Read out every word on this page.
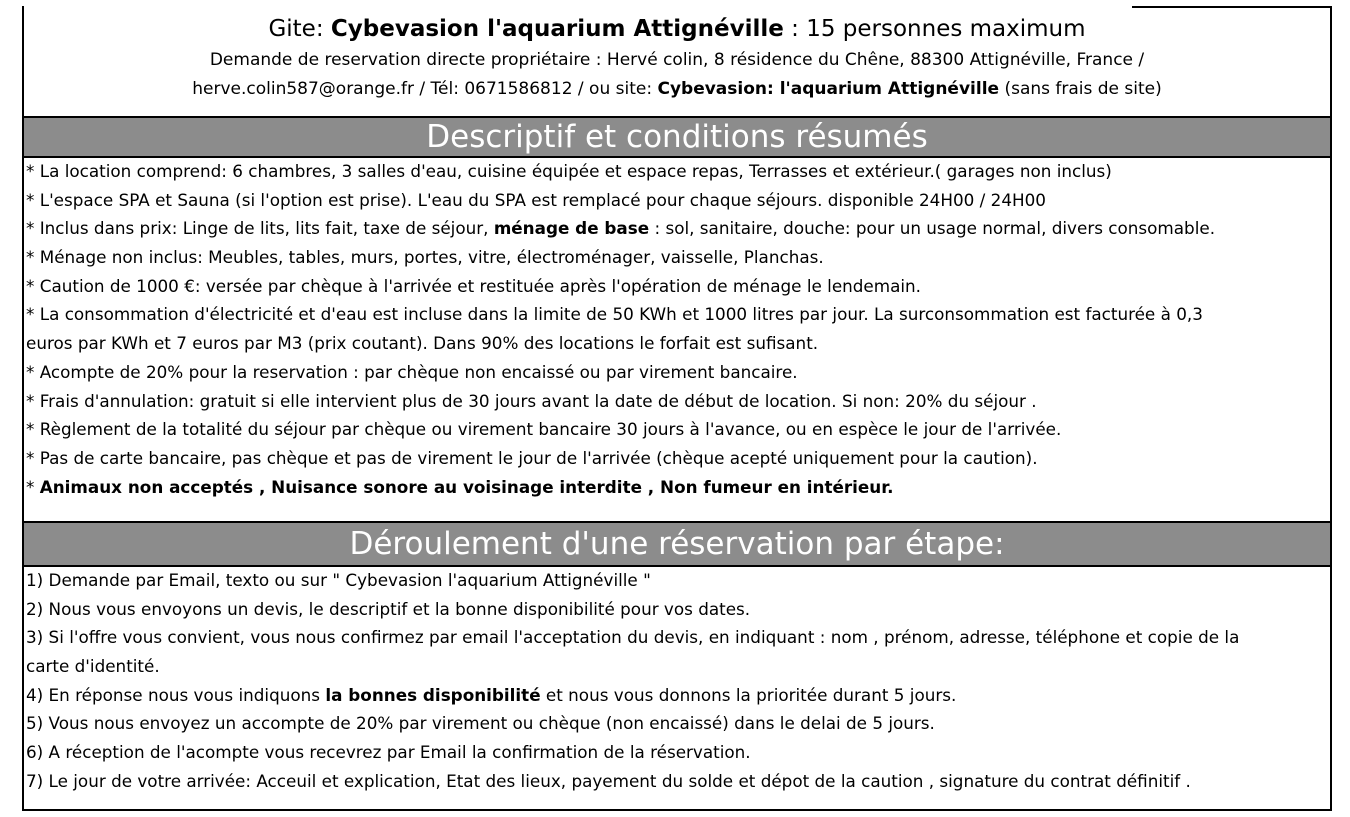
Gite: Cybevasion l'aquarium Attignéville : 15 personnes maximum
Demande de reservation directe propriétaire : Hervé colin, 8 résidence du Chêne, 88300 Attignéville, France /
herve.colin587@orange.fr / Tél: 0671586812 / ou site: Cybevasion: l'aquarium Attignéville (sans frais de site)
Descriptif et conditions résumés
* La location comprend: 6 chambres, 3 salles d'eau, cuisine équipée et espace repas, Terrasses et extérieur.( garages non inclus)
* L'espace SPA et Sauna (si l'option est prise). L'eau du SPA est remplacé pour chaque séjours. disponible 24H00 / 24H00
* Inclus dans prix: Linge de lits, lits fait, taxe de séjour, ménage de base : sol, sanitaire, douche: pour un usage normal, divers consomable.
* Ménage non inclus: Meubles, tables, murs, portes, vitre, électroménager, vaisselle, Planchas.
* Caution de 1000 €: versée par chèque à l'arrivée et restituée après l'opération de ménage le lendemain.
* La consommation d'électricité et d'eau est incluse dans la limite de 50 KWh et 1000 litres par jour. La surconsommation est facturée à 0,3
euros par KWh et 7 euros par M3 (prix coutant). Dans 90% des locations le forfait est sufisant.
* Acompte de 20% pour la reservation : par chèque non encaissé ou par virement bancaire.
* Frais d'annulation: gratuit si elle intervient plus de 30 jours avant la date de début de location. Si non: 20% du séjour .
* Règlement de la totalité du séjour par chèque ou virement bancaire 30 jours à l'avance, ou en espèce le jour de l'arrivée.
* Pas de carte bancaire, pas chèque et pas de virement le jour de l'arrivée (chèque acepté uniquement pour la caution).
* Animaux non acceptés , Nuisance sonore au voisinage interdite , Non fumeur en intérieur.
Déroulement d'une réservation par étape:
1) Demande par Email, texto ou sur " Cybevasion l'aquarium Attignéville "
2) Nous vous envoyons un devis, le descriptif et la bonne disponibilité pour vos dates.
3) Si l'offre vous convient, vous nous confirmez par email l'acceptation du devis, en indiquant : nom , prénom, adresse, téléphone et copie de la
carte d'identité.
4) En réponse nous vous indiquons la bonnes disponibilité et nous vous donnons la prioritée durant 5 jours.
5) Vous nous envoyez un accompte de 20% par virement ou chèque (non encaissé) dans le delai de 5 jours.
6) A réception de l'acompte vous recevrez par Email la confirmation de la réservation.
7) Le jour de votre arrivée: Acceuil et explication, Etat des lieux, payement du solde et dépot de la caution , signature du contrat définitif .
